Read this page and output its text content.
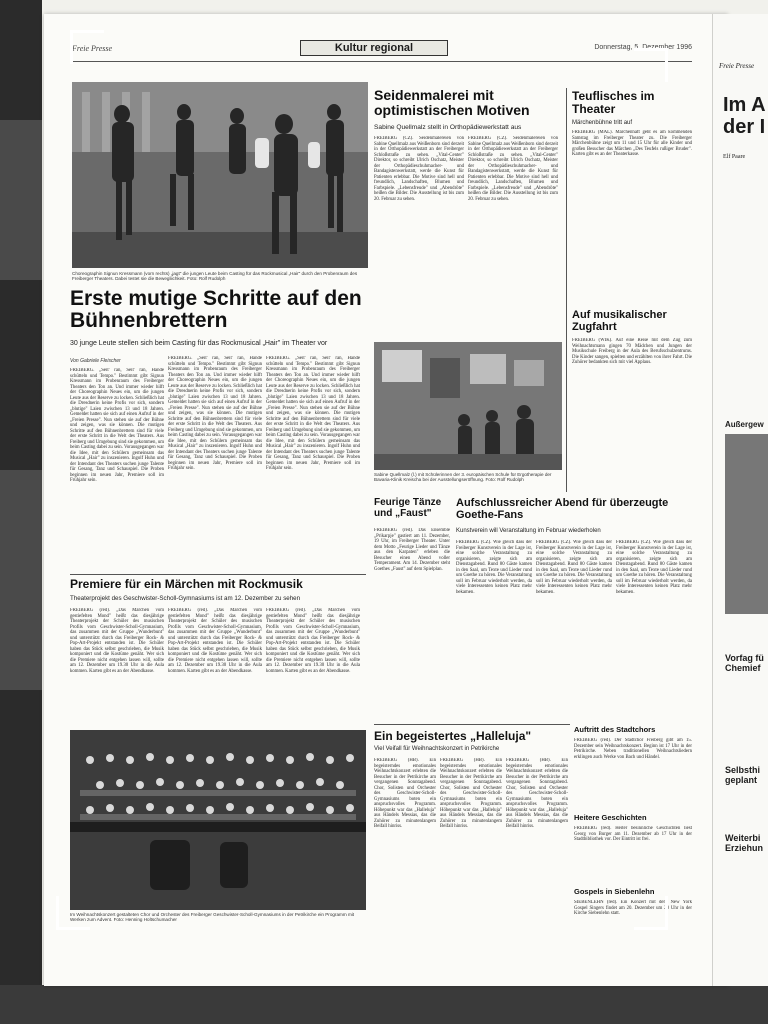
Freie Presse	Kultur regional	Donnerstag, 5. Dezember 1996
Choreographin Signun Kressmann (vorn rechts) „jagt" die jungen Leute beim Casting für das Rockmusical „Hair" durch den Probenraum des Freiberger Theaters. Dabei testet sie die Bewegliichkeit. Foto: Rolf Rudolph
Erste mutige Schritte auf den Bühnenbrettern
30 junge Leute stellen sich beim Casting für das Rockmusical „Hair" im Theater vor
Von Gabriele Fleischer
FREIBERG. „Seit' ran, Seit' ran, Hände schütteln und Tempo." Bestimmt gibt Signun Kressmann im Probenraum des Freiberger Theaters den Ton an. Und immer wieder hilft der Choreographin Neues ein, um die jungen Leute aus der Reserve zu locken. Schließlich hat die Dresdnerin keine Profis vor sich, sondern „blutige" Laien zwischen 13 und 18 Jahren. Gemeldet hatten sie sich auf einen Aufruf in der „Freien Presse". Nun stehen sie auf der Bühne und zeigen, was sie können. Die mutigen Schritte auf den Bühnenbrettern sind für viele der erste Schritt in die Welt des Theaters. Aus Freiberg und Umgebung sind sie gekommen, um beim Casting dabei zu sein. Vorausgegangen war die Idee, mit den Schülern gemeinsam das Musical „Hair" zu inszenieren. Ingolf Huhn und der Intendant des Theaters suchen junge Talente für Gesang, Tanz und Schauspiel. Die Proben beginnen im neuen Jahr, Premiere soll im Frühjahr sein.
FREIBERG. „Seit' ran, Seit' ran, Hände schütteln und Tempo." Bestimmt gibt Signun Kressmann im Probenraum des Freiberger Theaters den Ton an. Und immer wieder hilft der Choreographin Neues ein, um die jungen Leute aus der Reserve zu locken. Schließlich hat die Dresdnerin keine Profis vor sich, sondern „blutige" Laien zwischen 13 und 18 Jahren. Gemeldet hatten sie sich auf einen Aufruf in der „Freien Presse". Nun stehen sie auf der Bühne und zeigen, was sie können. Die mutigen Schritte auf den Bühnenbrettern sind für viele der erste Schritt in die Welt des Theaters. Aus Freiberg und Umgebung sind sie gekommen, um beim Casting dabei zu sein. Vorausgegangen war die Idee, mit den Schülern gemeinsam das Musical „Hair" zu inszenieren. Ingolf Huhn und der Intendant des Theaters suchen junge Talente für Gesang, Tanz und Schauspiel. Die Proben beginnen im neuen Jahr, Premiere soll im Frühjahr sein.
FREIBERG. „Seit' ran, Seit' ran, Hände schütteln und Tempo." Bestimmt gibt Signun Kressmann im Probenraum des Freiberger Theaters den Ton an. Und immer wieder hilft der Choreographin Neues ein, um die jungen Leute aus der Reserve zu locken. Schließlich hat die Dresdnerin keine Profis vor sich, sondern „blutige" Laien zwischen 13 und 18 Jahren. Gemeldet hatten sie sich auf einen Aufruf in der „Freien Presse". Nun stehen sie auf der Bühne und zeigen, was sie können. Die mutigen Schritte auf den Bühnenbrettern sind für viele der erste Schritt in die Welt des Theaters. Aus Freiberg und Umgebung sind sie gekommen, um beim Casting dabei zu sein. Vorausgegangen war die Idee, mit den Schülern gemeinsam das Musical „Hair" zu inszenieren. Ingolf Huhn und der Intendant des Theaters suchen junge Talente für Gesang, Tanz und Schauspiel. Die Proben beginnen im neuen Jahr, Premiere soll im Frühjahr sein.
Premiere für ein Märchen mit Rockmusik
Theaterprojekt des Geschwister-Scholl-Gymnasiums ist am 12. Dezember zu sehen
FREIBERG (red). „Das Märchen vom gestiefelten Mond" heißt das diesjährige Theaterprojekt der Schüler des musischen Profils vom Geschwister-Scholl-Gymnasium, das zusammen mit der Gruppe „Wunderbunt" und unterstützt durch das Freiberger Rock- & Pop-Art-Projekt entstanden ist. Die Schüler haben das Stück selbst geschrieben, die Musik komponiert und die Kostüme genäht. Wer sich die Premiere nicht entgehen lassen will, sollte am 12. Dezember um 19.30 Uhr in die Aula kommen. Karten gibt es an der Abendkasse.
FREIBERG (red). „Das Märchen vom gestiefelten Mond" heißt das diesjährige Theaterprojekt der Schüler des musischen Profils vom Geschwister-Scholl-Gymnasium, das zusammen mit der Gruppe „Wunderbunt" und unterstützt durch das Freiberger Rock- & Pop-Art-Projekt entstanden ist. Die Schüler haben das Stück selbst geschrieben, die Musik komponiert und die Kostüme genäht. Wer sich die Premiere nicht entgehen lassen will, sollte am 12. Dezember um 19.30 Uhr in die Aula kommen. Karten gibt es an der Abendkasse.
FREIBERG (red). „Das Märchen vom gestiefelten Mond" heißt das diesjährige Theaterprojekt der Schüler des musischen Profils vom Geschwister-Scholl-Gymnasium, das zusammen mit der Gruppe „Wunderbunt" und unterstützt durch das Freiberger Rock- & Pop-Art-Projekt entstanden ist. Die Schüler haben das Stück selbst geschrieben, die Musik komponiert und die Kostüme genäht. Wer sich die Premiere nicht entgehen lassen will, sollte am 12. Dezember um 19.30 Uhr in die Aula kommen. Karten gibt es an der Abendkasse.
Im Weihnachtskonzert gestalteten Chor und Orchester des Freiberger Geschwister-Scholl-Gymnasiums in der Petrikirche ein Programm mit Werken zum Advent. Foto: Henning Holtschumacher
Seidenmalerei mit optimistischen Motiven
Sabine Quellmalz stellt in Orthopädiewerkstatt aus
FREIBERG (CZ). Seidenmalereien von Sabine Quellmalz aus Weißenborn sind derzeit in der Orthopädiewerkstatt an der Freiberger Schloßstraße zu sehen. „Vital-Center" Direktor, so schreibt Ulrich Oschatz, Meister der Orthopädieschuhmacher- und Bandagistenwerkstatt, werde die Kunst für Patienten erlebbar. Die Motive sind hell und freundlich, Landschaften, Blumen und Farbspiele. „Lebensfreude" und „Abendröte" heißen die Bilder. Die Ausstellung ist bis zum 20. Februar zu sehen.
FREIBERG (CZ). Seidenmalereien von Sabine Quellmalz aus Weißenborn sind derzeit in der Orthopädiewerkstatt an der Freiberger Schloßstraße zu sehen. „Vital-Center" Direktor, so schreibt Ulrich Oschatz, Meister der Orthopädieschuhmacher- und Bandagistenwerkstatt, werde die Kunst für Patienten erlebbar. Die Motive sind hell und freundlich, Landschaften, Blumen und Farbspiele. „Lebensfreude" und „Abendröte" heißen die Bilder. Die Ausstellung ist bis zum 20. Februar zu sehen.
Sabine Quellmalz (l.) mit Schülerinnen der 3. europäischen Schule für Ergotherapie der Bavaria-Klinik Kreischa bei der Ausstellungseröffnung. Foto: Rolf Rudolph
Feurige Tänze und „Faust"
FREIBERG (red). Das Ensemble „Prikarpje" gastiert am 11. Dezember, 19 Uhr, im Freiberger Theater. Unter dem Motto „Feurige Lieder und Tänze aus den Karpaten" erleben die Besucher einen Abend voller Temperament. Am 14. Dezember steht Goethes „Faust" auf dem Spielplan.
Aufschlussreicher Abend für überzeugte Goethe-Fans
Kunstverein will Veranstaltung im Februar wiederholen
FREIBERG (CZ). Wie gleich dass der Freiberger Kunstverein in der Lage ist, eine solche Veranstaltung zu organisieren, zeigte sich am Dienstagabend. Rund 80 Gäste kamen in den Saal, um Texte und Lieder rund um Goethe zu hören. Die Veranstaltung soll im Februar wiederholt werden, da viele Interessenten keinen Platz mehr bekamen.
FREIBERG (CZ). Wie gleich dass der Freiberger Kunstverein in der Lage ist, eine solche Veranstaltung zu organisieren, zeigte sich am Dienstagabend. Rund 80 Gäste kamen in den Saal, um Texte und Lieder rund um Goethe zu hören. Die Veranstaltung soll im Februar wiederholt werden, da viele Interessenten keinen Platz mehr bekamen.
FREIBERG (CZ). Wie gleich dass der Freiberger Kunstverein in der Lage ist, eine solche Veranstaltung zu organisieren, zeigte sich am Dienstagabend. Rund 80 Gäste kamen in den Saal, um Texte und Lieder rund um Goethe zu hören. Die Veranstaltung soll im Februar wiederholt werden, da viele Interessenten keinen Platz mehr bekamen.
Ein begeistertes „Halleluja"
Viel Veifall für Weihnachtskonzert in Petrikirche
FREIBERG (HB). Ein begeisterndes emotionales Weihnachtskonzert erlebten die Besucher in der Petrikirche am vergangenen Sonntagabend. Chor, Solisten und Orchester des Geschwister-Scholl-Gymnasiums boten ein anspruchsvolles Programm. Höhepunkt war das „Halleluja" aus Händels Messias, das die Zuhörer zu minutenlangem Beifall hinriss.
FREIBERG (HB). Ein begeisterndes emotionales Weihnachtskonzert erlebten die Besucher in der Petrikirche am vergangenen Sonntagabend. Chor, Solisten und Orchester des Geschwister-Scholl-Gymnasiums boten ein anspruchsvolles Programm. Höhepunkt war das „Halleluja" aus Händels Messias, das die Zuhörer zu minutenlangem Beifall hinriss.
FREIBERG (HB). Ein begeisterndes emotionales Weihnachtskonzert erlebten die Besucher in der Petrikirche am vergangenen Sonntagabend. Chor, Solisten und Orchester des Geschwister-Scholl-Gymnasiums boten ein anspruchsvolles Programm. Höhepunkt war das „Halleluja" aus Händels Messias, das die Zuhörer zu minutenlangem Beifall hinriss.
Teuflisches im Theater
Märchenbühne tritt auf
FREIBERG (MAL). Märchenhaft geht es am kommenden Samstag im Freiberger Theater zu. Die Freiberger Märchenbühne zeigt um 11 und 15 Uhr für alle Kinder und großen Besucher das Märchen „Des Teufels rußiger Bruder". Karten gibt es an der Theaterkasse.
Auf musikalischer Zugfahrt
FREIBERG (WIK). Auf eine Reise mit dem Zug zum Weihnachtsmann gingen 70 Mädchen und Jungen der Musikschule Freiberg in der Aula des Berufsschulzentrums. Die Kinder sangen, spielten und erzählten von ihrer Fahrt. Die Zuhörer bedankten sich mit viel Applaus.
Auftritt des Stadtchors
FREIBERG (red). Der Stadtchor Freiberg gibt am 15. Dezember sein Weihnachtskonzert. Beginn ist 17 Uhr in der Petrikirche. Neben traditionellen Weihnachtsliedern erklingen auch Werke von Bach und Händel.
Heitere Geschichten
FREIBERG (red). Heiter besinnliche Geschichten liest Georg von Burger am 11. Dezember ab 17 Uhr in der Stadtbibliothek vor. Der Eintritt ist frei.
Gospels in Siebenlehn
SIEBENLEHN (red). Ein Konzert mit dem New York Gospel Singers findet am 20. Dezember um 20 Uhr in der Kirche Siebenlehn statt.
Freie Presse
Im A der I
Elf Paare
Außergew
Vorfag fü Chemief
Selbsthi geplant
Weiterbi Erziehun
